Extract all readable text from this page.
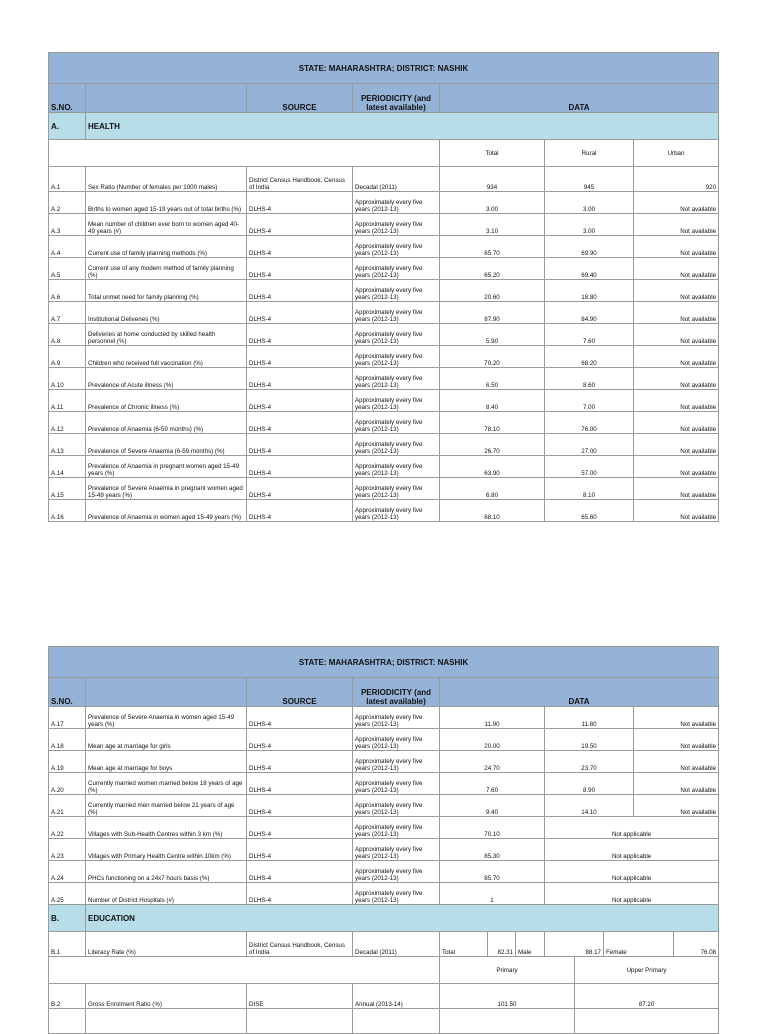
STATE: MAHARASHTRA; DISTRICT: NASHIK						
S.NO.		SOURCE	PERIODICITY (and latest available)	DATA		
A.	HEALTH					
				Total	Rural	Urban
A.1	Sex Ratio (Number of females per 1000 males)	District Census Handbook, Census of India	Decadal (2011)	934	945	920
A.2	Births to women aged 15-19 years out of total births (%)	DLHS-4	Approximately every five years (2012-13)	3.00	3.00	Not available
A.3	Mean number of children ever born to women aged 40-49 years (#)	DLHS-4	Approximately every five years (2012-13)	3.10	3.00	Not available
A.4	Current use of family planning methods (%)	DLHS-4	Approximately every five years (2012-13)	65.70	69.90	Not available
A.5	Current use of any modern method of family planning (%)	DLHS-4	Approximately every five years (2012-13)	65.20	69.40	Not available
A.6	Total unmet need for family planning (%)	DLHS-4	Approximately every five years (2012-13)	20.60	18.80	Not available
A.7	Institutional Deliveries (%)	DLHS-4	Approximately every five years (2012-13)	87.90	84.90	Not available
A.8	Deliveries at home conducted by skilled health personnel (%)	DLHS-4	Approximately every five years (2012-13)	5.90	7.60	Not available
A.9	Children who received full vaccination (%)	DLHS-4	Approximately every five years (2012-13)	70.20	68.20	Not available
A.10	Prevalence of Acute illness (%)	DLHS-4	Approximately every five years (2012-13)	6.50	8.60	Not available
A.11	Prevalence of Chronic illness (%)	DLHS-4	Approximately every five years (2012-13)	8.40	7.00	Not available
A.12	Prevalence of Anaemia (6-59 months) (%)	DLHS-4	Approximately every five years (2012-13)	78.10	76.00	Not available
A.13	Prevalence of Severe Anaemia (6-59 months) (%)	DLHS-4	Approximately every five years (2012-13)	26.70	27.00	Not available
A.14	Prevalence of Anaemia in pregnant women aged 15-49 years (%)	DLHS-4	Approximately every five years (2012-13)	63.90	57.00	Not available
A.15	Prevalence of Severe Anaemia in pregnant women aged 15-49 years (%)	DLHS-4	Approximately every five years (2012-13)	6.80	8.10	Not available
A.16	Prevalence of Anaemia in women aged 15-49 years (%)	DLHS-4	Approximately every five years (2012-13)	68.10	65.60	Not available
STATE: MAHARASHTRA; DISTRICT: NASHIK											
S.NO.		SOURCE	PERIODICITY (and latest available)	DATA							
A.17	Prevalence of Severe Anaemia in women aged 15-49 years (%)	DLHS-4	Approximately every five years (2012-13)	11.90			11.80			Not available	
A.18	Mean age at marriage for girls	DLHS-4	Approximately every five years (2012-13)	20.00			19.50			Not available	
A.19	Mean age at marriage for boys	DLHS-4	Approximately every five years (2012-13)	24.70			23.70			Not available	
A.20	Currently married women married below 18 years of age (%)	DLHS-4	Approximately every five years (2012-13)	7.60			8.90			Not available	
A.21	Currently married men married below 21 years of age (%)	DLHS-4	Approximately every five years (2012-13)	9.40			14.10			Not available	
A.22	Villages with Sub-Health Centres within 3 km (%)	DLHS-4	Approximately every five years (2012-13)	70.10			Not applicable				
A.23	Villages with Primary Health Centre within 10km (%)	DLHS-4	Approximately every five years (2012-13)	85.30			Not applicable				
A.24	PHCs functioning on a 24x7 hours basis (%)	DLHS-4	Approximately every five years (2012-13)	85.70			Not applicable				
A.25	Number of District Hospitals (#)	DLHS-4	Approximately every five years (2012-13)	1			Not applicable				
B.	EDUCATION										
B.1	Literacy Rate (%)	District Census Handbook, Census of India	Decadal (2011)	Total	82.31	Male	88.17		Female		76.08
				Primary				Upper Primary			
B.2	Gross Enrolment Ratio (%)	DISE	Annual (2013-14)	101.50				87.20			
